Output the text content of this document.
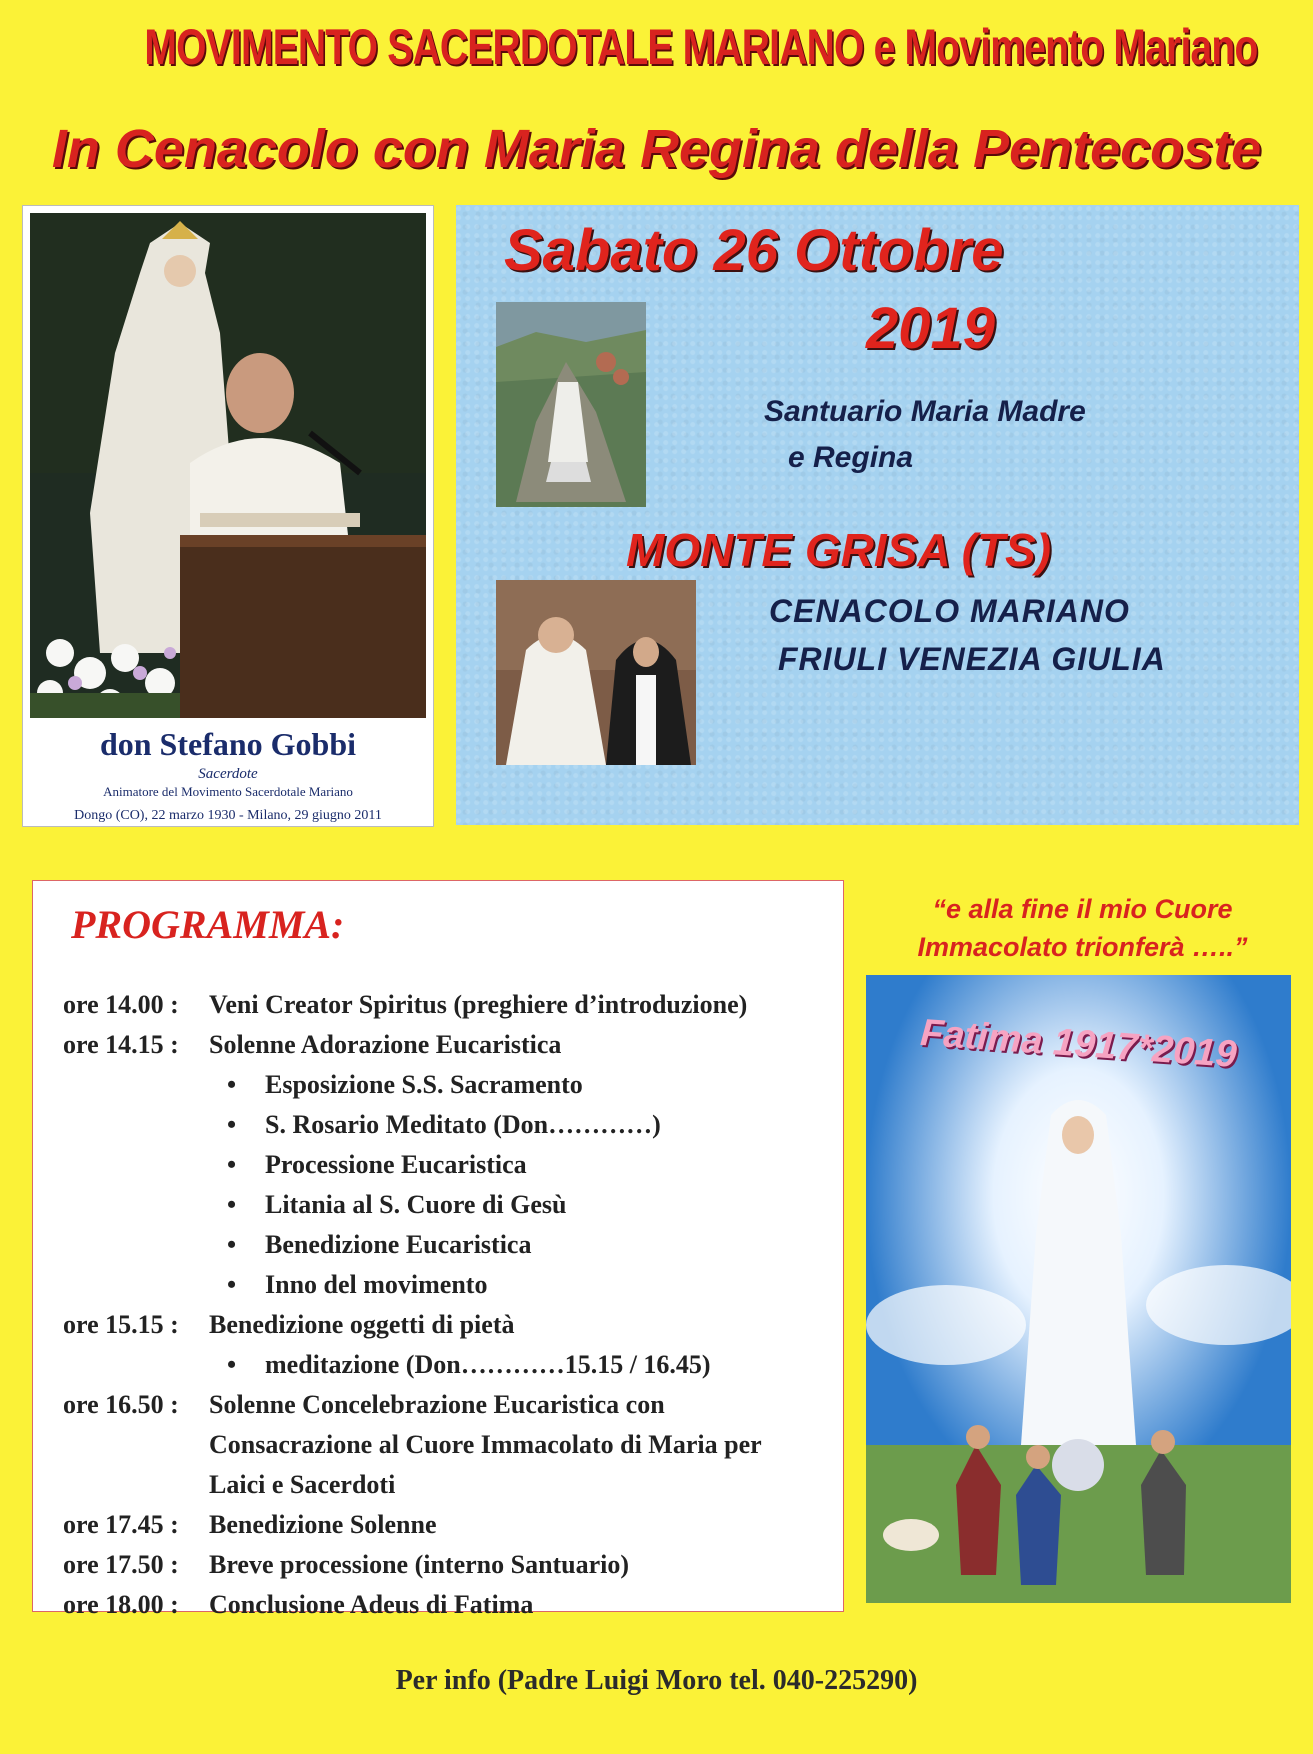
MOVIMENTO SACERDOTALE MARIANO e Movimento Mariano
In Cenacolo con Maria Regina della Pentecoste
don Stefano Gobbi
Sacerdote
Animatore del Movimento Sacerdotale Mariano
Dongo (CO), 22 marzo 1930 - Milano, 29 giugno 2011
Sabato 26 Ottobre
2019
Santuario Maria Madre
e Regina
MONTE GRISA (TS)
CENACOLO MARIANO
FRIULI VENEZIA GIULIA
PROGRAMMA:
ore 14.00 :	Veni Creator Spiritus (preghiere d’introduzione)
ore 14.15 :	Solenne Adorazione Eucaristica
•	Esposizione S.S. Sacramento
•	S. Rosario Meditato (Don…………)
•	Processione Eucaristica
•	Litania al S. Cuore di Gesù
•	Benedizione Eucaristica
•	Inno del movimento
ore 15.15 :	Benedizione oggetti di pietà
•	meditazione (Don…………15.15 / 16.45)
ore 16.50 :	Solenne Concelebrazione Eucaristica con
Consacrazione al Cuore Immacolato di Maria per
Laici e Sacerdoti
ore 17.45 :	Benedizione Solenne
ore 17.50 :	Breve processione (interno Santuario)
ore 18.00 :	Conclusione Adeus di Fatima
“e alla fine il mio Cuore
Immacolato trionferà …..”
Fatima 1917*2019
Per info (Padre Luigi Moro tel. 040-225290)
